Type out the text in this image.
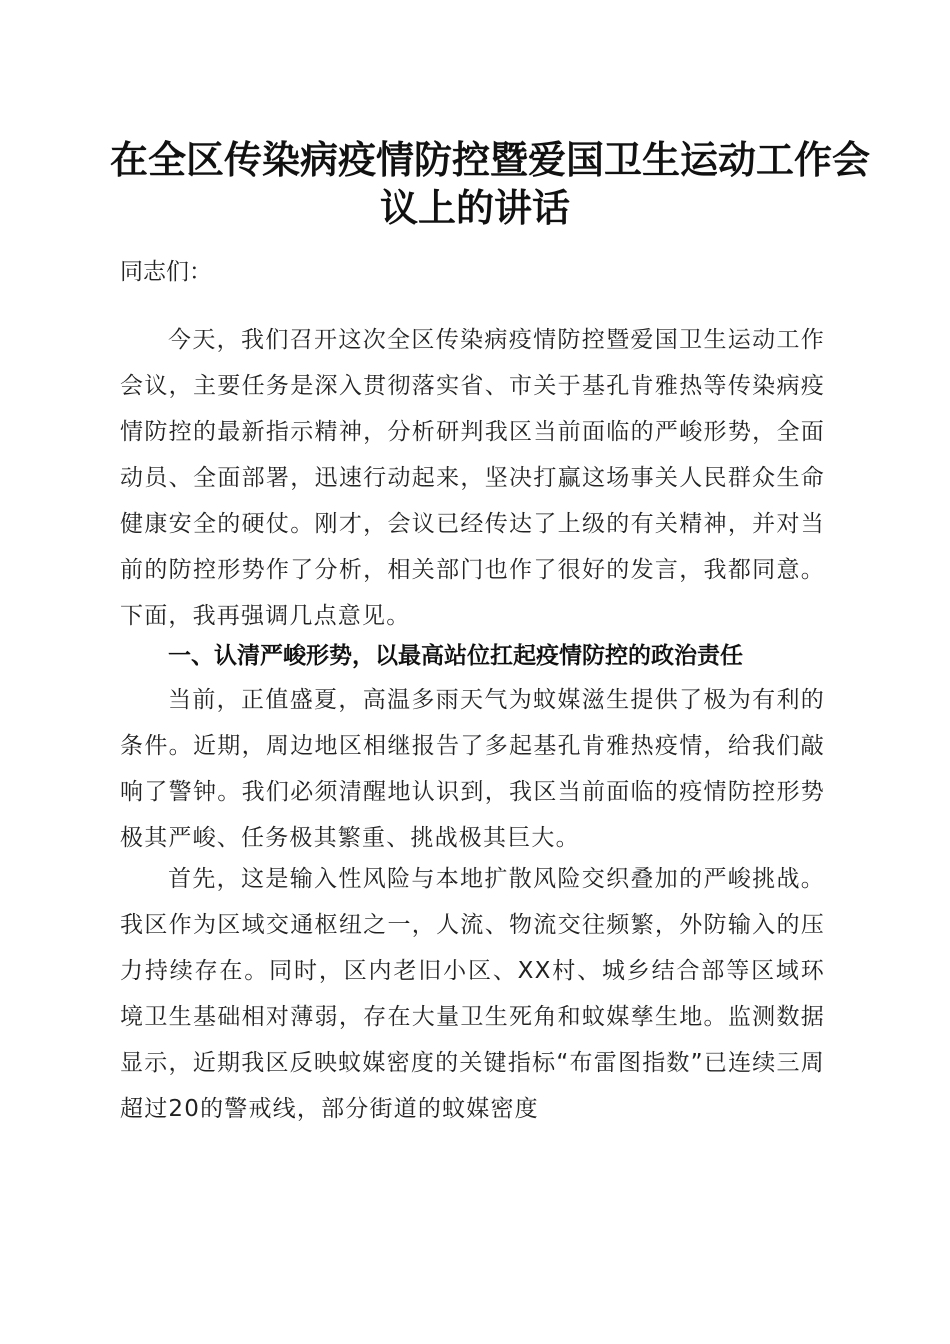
在全区传染病疫情防控暨爱国卫生运动工作会
议上的讲话
同志们：

今天，我们召开这次全区传染病疫情防控暨爱国卫生运动工作会议，主要任务是深入贯彻落实省、市关于基孔肯雅热等传染病疫情防控的最新指示精神，分析研判我区当前面临的严峻形势，全面动员、全面部署，迅速行动起来，坚决打赢这场事关人民群众生命健康安全的硬仗。刚才，会议已经传达了上级的有关精神，并对当前的防控形势作了分析，相关部门也作了很好的发言，我都同意。下面，我再强调几点意见。

一、认清严峻形势，以最高站位扛起疫情防控的政治责任

当前，正值盛夏，高温多雨天气为蚊媒滋生提供了极为有利的条件。近期，周边地区相继报告了多起基孔肯雅热疫情，给我们敲响了警钟。我们必须清醒地认识到，我区当前面临的疫情防控形势极其严峻、任务极其繁重、挑战极其巨大。

首先，这是输入性风险与本地扩散风险交织叠加的严峻挑战。我区作为区域交通枢纽之一，人流、物流交往频繁，外防输入的压力持续存在。同时，区内老旧小区、XX村、城乡结合部等区域环境卫生基础相对薄弱，存在大量卫生死角和蚊媒孳生地。监测数据显示，近期我区反映蚊媒密度的关键指标“布雷图指数”已连续三周超过20的警戒线，部分街道的蚊媒密度
